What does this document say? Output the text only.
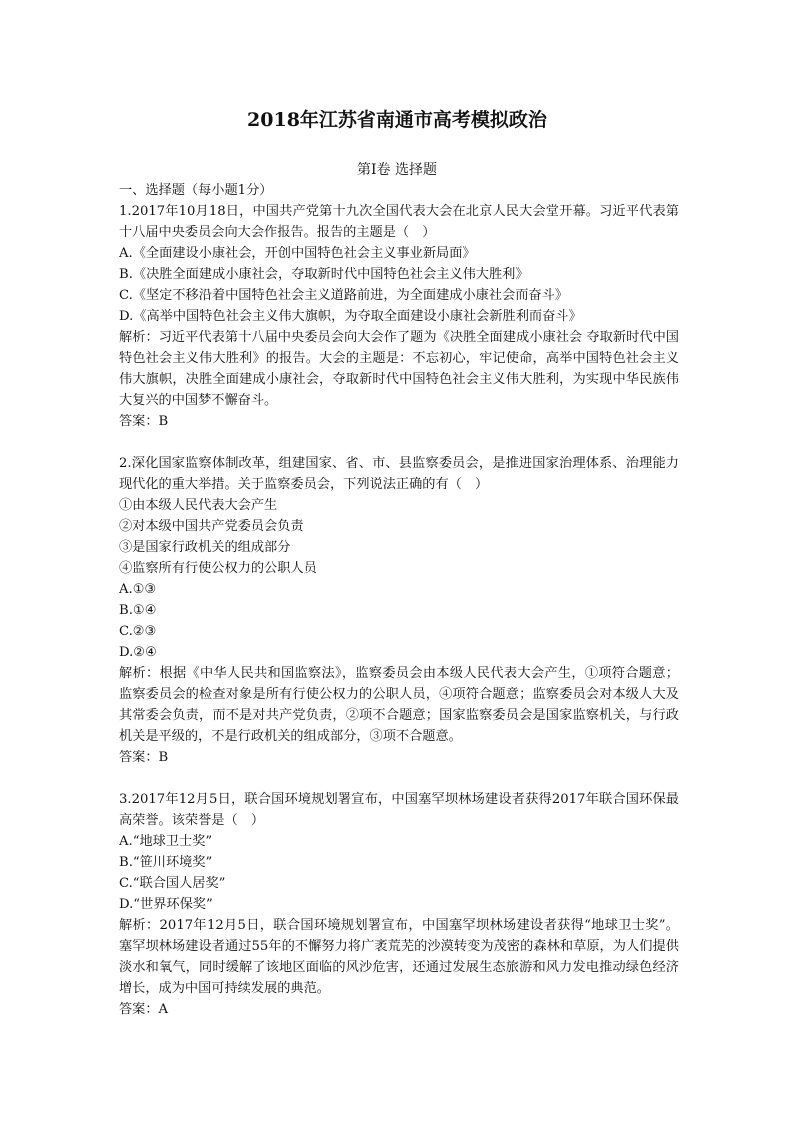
2018年江苏省南通市高考模拟政治
第Ⅰ卷 选择题
一、选择题（每小题1分）

1.2017年10月18日，中国共产党第十九次全国代表大会在北京人民大会堂开幕。习近平代表第十八届中央委员会向大会作报告。报告的主题是（　）

A.《全面建设小康社会，开创中国特色社会主义事业新局面》
B.《决胜全面建成小康社会，夺取新时代中国特色社会主义伟大胜利》
C.《坚定不移沿着中国特色社会主义道路前进，为全面建成小康社会而奋斗》
D.《高举中国特色社会主义伟大旗帜，为夺取全面建设小康社会新胜利而奋斗》

解析：习近平代表第十八届中央委员会向大会作了题为《决胜全面建成小康社会 夺取新时代中国特色社会主义伟大胜利》的报告。大会的主题是：不忘初心，牢记使命，高举中国特色社会主义伟大旗帜，决胜全面建成小康社会，夺取新时代中国特色社会主义伟大胜利，为实现中华民族伟大复兴的中国梦不懈奋斗。

答案：B

2.深化国家监察体制改革，组建国家、省、市、县监察委员会，是推进国家治理体系、治理能力现代化的重大举措。关于监察委员会，下列说法正确的有（　）

①由本级人民代表大会产生
②对本级中国共产党委员会负责
③是国家行政机关的组成部分
④监察所有行使公权力的公职人员
A.①③
B.①④
C.②③
D.②④

解析：根据《中华人民共和国监察法》，监察委员会由本级人民代表大会产生，①项符合题意；监察委员会的检查对象是所有行使公权力的公职人员，④项符合题意；监察委员会对本级人大及其常委会负责，而不是对共产党负责，②项不合题意；国家监察委员会是国家监察机关，与行政机关是平级的，不是行政机关的组成部分，③项不合题意。

答案：B

3.2017年12月5日，联合国环境规划署宣布，中国塞罕坝林场建设者获得2017年联合国环保最高荣誉。该荣誉是（　）

A.“地球卫士奖”
B.“笹川环境奖”
C.“联合国人居奖”
D.“世界环保奖”

解析：2017年12月5日，联合国环境规划署宣布，中国塞罕坝林场建设者获得“地球卫士奖”。 塞罕坝林场建设者通过55年的不懈努力将广袤荒芜的沙漠转变为茂密的森林和草原，为人们提供淡水和氧气，同时缓解了该地区面临的风沙危害，还通过发展生态旅游和风力发电推动绿色经济增长，成为中国可持续发展的典范。

答案：A
